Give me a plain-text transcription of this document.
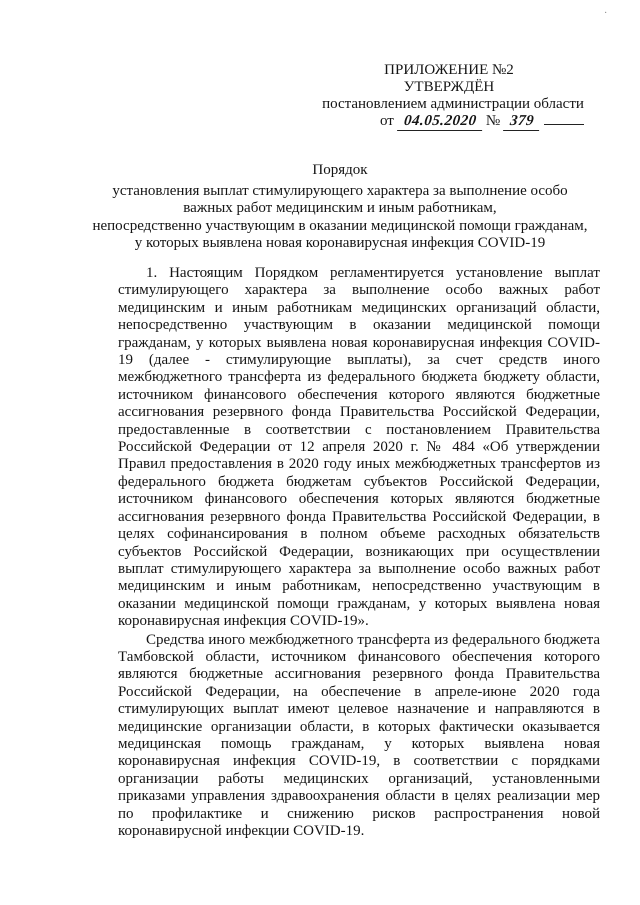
·
ПРИЛОЖЕНИЕ №2
УТВЕРЖДЁН
постановлением администрации области
от 04.05.2020 № 379
Порядок
установления выплат стимулирующего характера за выполнение особо
важных работ медицинским и иным работникам,
непосредственно участвующим в оказании медицинской помощи гражданам,
у которых выявлена новая коронавирусная инфекция COVID-19

1. Настоящим Порядком регламентируется установление выплат стимулирующего характера за выполнение особо важных работ медицинским и иным работникам медицинских организаций области, непосредственно участвующим в оказании медицинской помощи гражданам, у которых выявлена новая коронавирусная инфекция COVID-19 (далее - стимулирующие выплаты), за счет средств иного межбюджетного трансферта из федерального бюджета бюджету области, источником финансового обеспечения которого являются бюджетные ассигнования резервного фонда Правительства Российской Федерации, предоставленные в соответствии с постановлением Правительства Российской Федерации от 12 апреля 2020 г. № 484 «Об утверждении Правил предоставления в 2020 году иных межбюджетных трансфертов из федерального бюджета бюджетам субъектов Российской Федерации, источником финансового обеспечения которых являются бюджетные ассигнования резервного фонда Правительства Российской Федерации, в целях софинансирования в полном объеме расходных обязательств субъектов Российской Федерации, возникающих при осуществлении выплат стимулирующего характера за выполнение особо важных работ медицинским и иным работникам, непосредственно участвующим в оказании медицинской помощи гражданам, у которых выявлена новая коронавирусная инфекция COVID-19».

Средства иного межбюджетного трансферта из федерального бюджета Тамбовской области, источником финансового обеспечения которого являются бюджетные ассигнования резервного фонда Правительства Российской Федерации, на обеспечение в апреле-июне 2020 года стимулирующих выплат имеют целевое назначение и направляются в медицинские организации области, в которых фактически оказывается медицинская помощь гражданам, у которых выявлена новая коронавирусная инфекция COVID-19, в соответствии с порядками организации работы медицинских организаций, установленными приказами управления здравоохранения области в целях реализации мер по профилактике и снижению рисков распространения новой коронавирусной инфекции COVID-19.
